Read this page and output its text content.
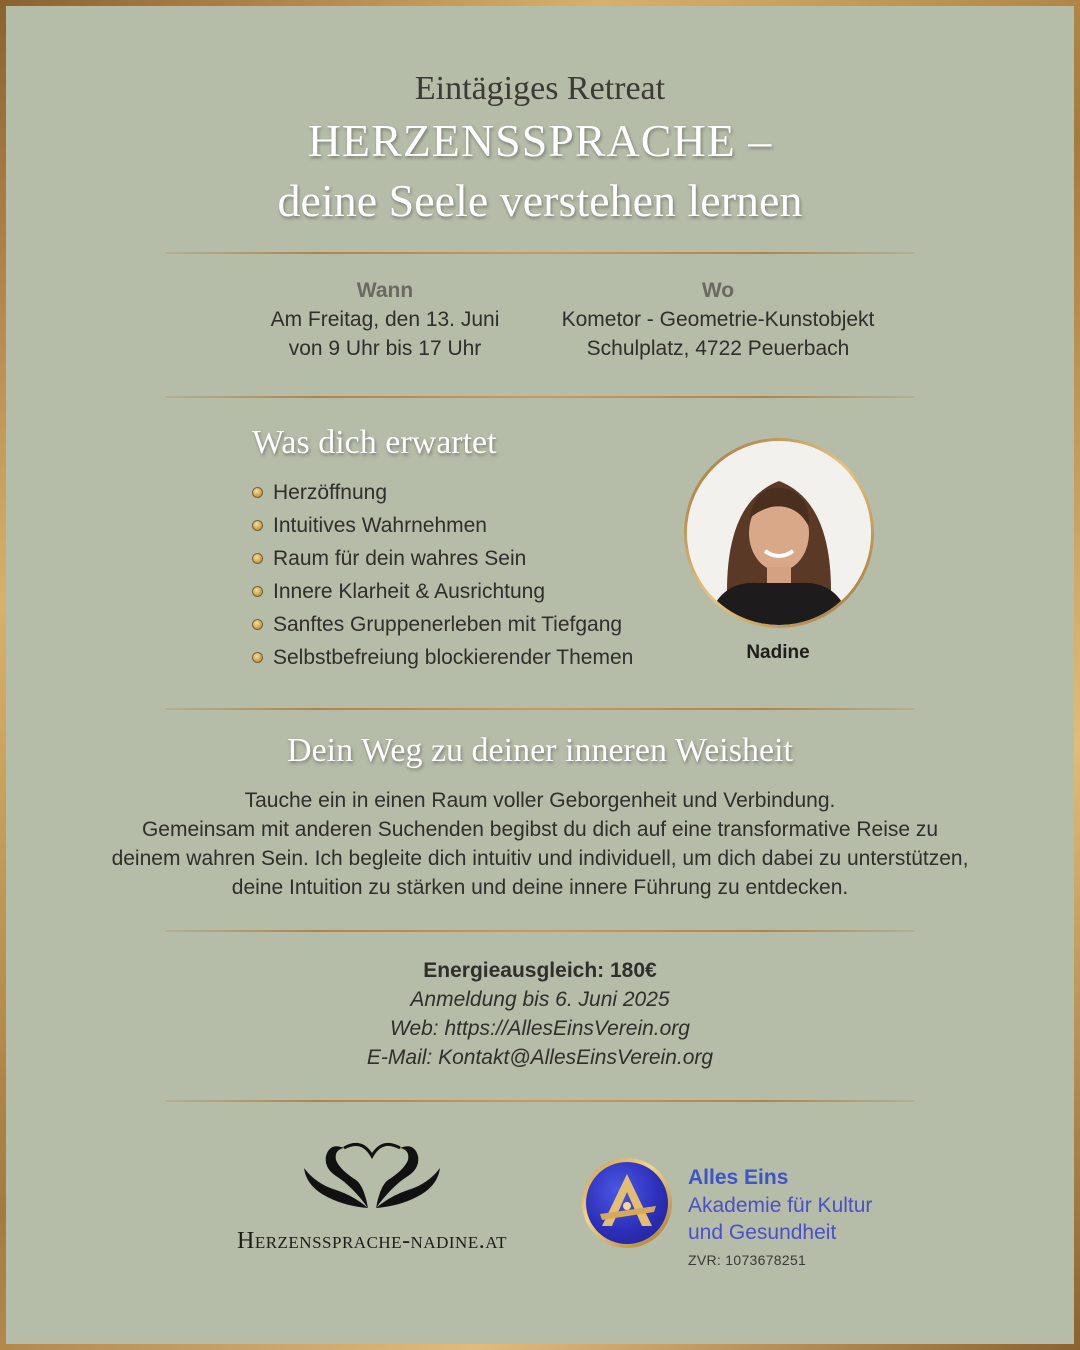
Eintägiges Retreat
HERZENSSPRACHE –
deine Seele verstehen lernen
Wann
Am Freitag, den 13. Juni
von 9 Uhr bis 17 Uhr
Wo
Kometor - Geometrie-Kunstobjekt
Schulplatz, 4722 Peuerbach
Was dich erwartet
Herzöffnung
Intuitives Wahrnehmen
Raum für dein wahres Sein
Innere Klarheit & Ausrichtung
Sanftes Gruppenerleben mit Tiefgang
Selbstbefreiung blockierender Themen	Nadine
Dein Weg zu deiner inneren Weisheit
Tauche ein in einen Raum voller Geborgenheit und Verbindung.
Gemeinsam mit anderen Suchenden begibst du dich auf eine transformative Reise zu
deinem wahren Sein. Ich begleite dich intuitiv und individuell, um dich dabei zu unterstützen,
deine Intuition zu stärken und deine innere Führung zu entdecken.
Energieausgleich: 180€
Anmeldung bis 6. Juni 2025
Web: https://AllesEinsVerein.org
E-Mail: Kontakt@AllesEinsVerein.org
Herzenssprache-nadine.at
Alles Eins
Akademie für Kultur
und Gesundheit
ZVR: 1073678251
